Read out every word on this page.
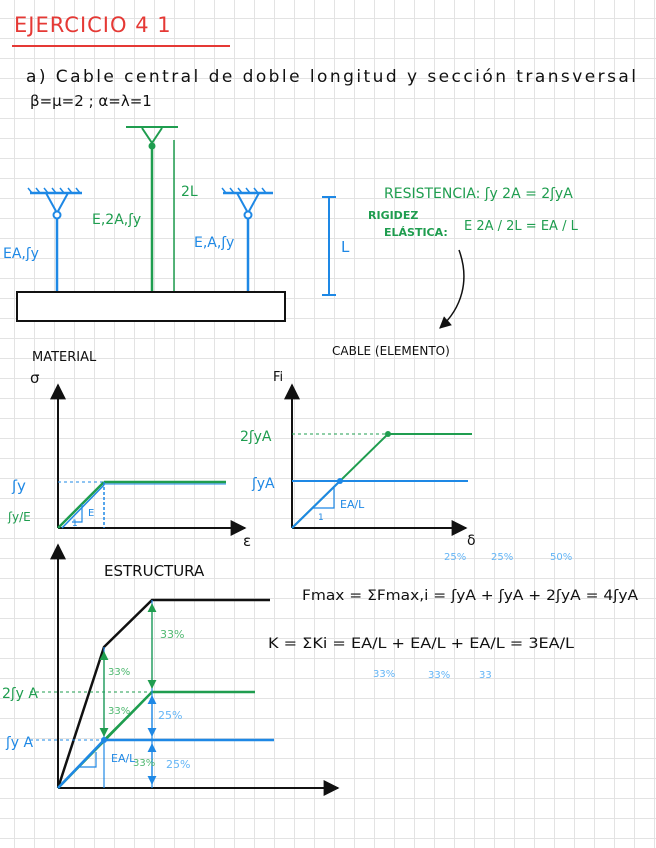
EJERCICIO 4 1
a) Cable central de doble longitud y sección transversal
β=μ=2 ; α=λ=1
EA,ʃy
2L
E,2A,ʃy
E,A,ʃy	L
RESISTENCIA: ʃy 2A = 2ʃyA
RIGIDEZ
ELÁSTICA: E 2A / 2L = EA / L
CABLE (ELEMENTO)
MATERIAL
σ
ε
E
1
ʃy
ʃy/E
Fi
δ
1
EA/L
2ʃyA
ʃyA
ESTRUCTURA
33%
33%
33%	25%
33% 25%
EA/L
2ʃy A
ʃy A
25% 25%	50%
Fmax = ΣFmax,i = ʃyA + ʃyA + 2ʃyA = 4ʃyA
K = ΣKi = EA/L + EA/L + EA/L = 3EA/L
33%	33%	33
